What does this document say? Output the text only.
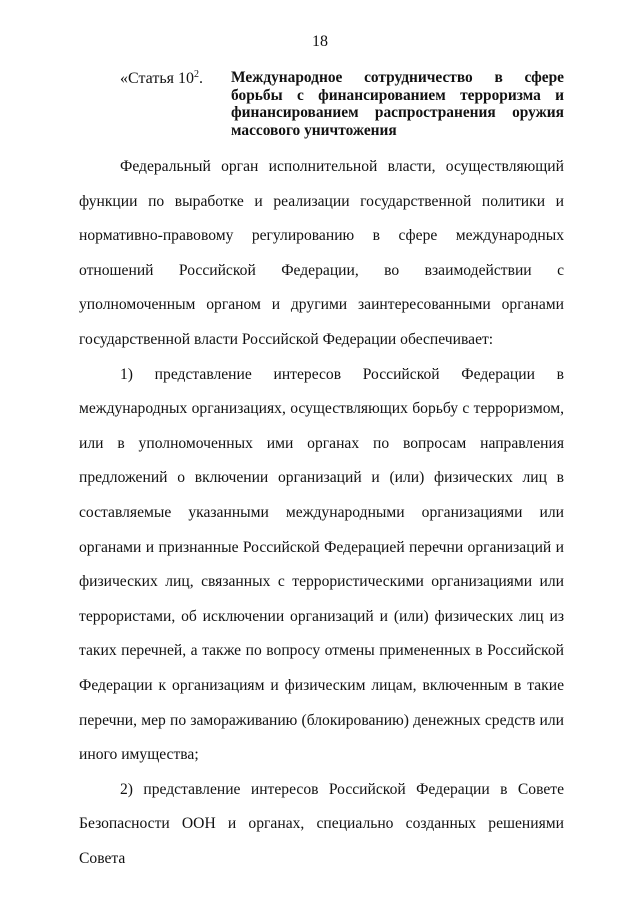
18
«Статья $10^2$. Международное сотрудничество в сфере борьбы с финансированием терроризма и финансированием распространения оружия массового уничтожения

Федеральный орган исполнительной власти, осуществляющий функции по выработке и реализации государственной политики и нормативно-правовому регулированию в сфере международных отношений Российской Федерации, во взаимодействии с уполномоченным органом и другими заинтересованными органами государственной власти Российской Федерации обеспечивает:

1) представление интересов Российской Федерации в международных организациях, осуществляющих борьбу с терроризмом, или в уполномоченных ими органах по вопросам направления предложений о включении организаций и (или) физических лиц в составляемые указанными международными организациями или органами и признанные Российской Федерацией перечни организаций и физических лиц, связанных с террористическими организациями или террористами, об исключении организаций и (или) физических лиц из таких перечней, а также по вопросу отмены примененных в Российской Федерации к организациям и физическим лицам, включенным в такие перечни, мер по замораживанию (блокированию) денежных средств или иного имущества;

2) представление интересов Российской Федерации в Совете Безопасности ООН и органах, специально созданных решениями Совета
